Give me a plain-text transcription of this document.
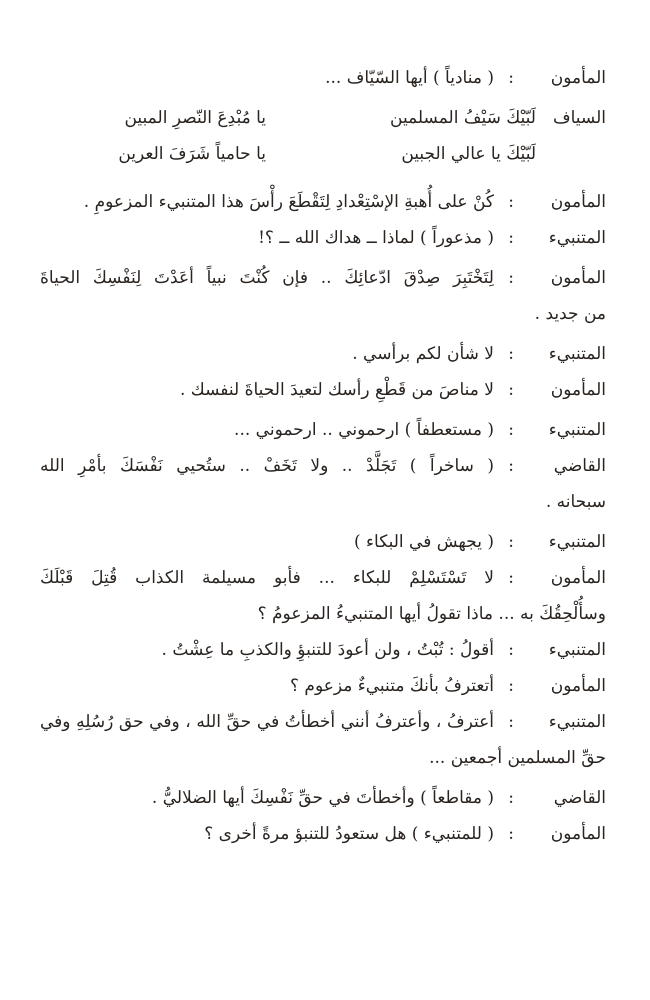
المأمون
:
( منادياً ) أيها السّيّاف ...
السياف
لَبّيْكَ سَيْفُ المسلمين
يا مُبْدِعَ النّصرِ المبين
لَبّيْكَ يا عالي الجبين
يا حامياً شَرَفَ العرين
المأمون
:
كُنْ على أُهبةِ الإسْتِعْدادِ لِتَقْطَعَ رأْسَ هذا المتنبيء المزعومِ .
المتنبيء
:
( مذعوراً ) لماذا ــ هداك الله ــ ؟!
المأمون
:
لِتَخْتَبِرَ صِدْقَ ادّعائِكَ .. فإن كُنْتَ نبياً أعَدْتَ لِنَفْسِكَ الحياةَ
من جديد .
المتنبيء
:
لا شأن لكم برأسي .
المأمون
:
لا مناصَ من قَطْعِ رأسك لتعيدَ الحياةَ لنفسك .
المتنبيء
:
( مستعطفاً ) ارحموني .. ارحموني ...
القاضي
:
( ساخراً ) تَجَلَّدْ .. ولا تَخَفْ .. ستُحيي نَفْسَكَ بأمْرِ الله
سبحانه .
المتنبيء
:
( يجهش في البكاء )
المأمون
:
لا تَسْتَسْلِمْ للبكاء ... فأبو مسيلمة الكذاب قُتِلَ قَبْلَكَ
وسأُلْحِقُكَ به ... ماذا تقولُ أيها المتنبيءُ المزعومُ ؟
المتنبيء
:
أقولُ : تُبْتُ ، ولن أعودَ للتنبؤِ والكذبِ ما عِشْتُ .
المأمون
:
أتعترفُ بأنكَ متنبيءٌ مزعوم ؟
المتنبيء
:
أعترفُ ، وأعترفُ أنني أخطأتُ في حقِّ الله ، وفي حق رُسُلِهِ وفي
حقِّ المسلمين أجمعين ...
القاضي
:
( مقاطعاً ) وأخطأتَ في حقِّ نَفْسِكَ أيها الضلاليُّ .
المأمون
:
( للمتنبيء ) هل ستعودُ للتنبؤ مرةً أخرى ؟
